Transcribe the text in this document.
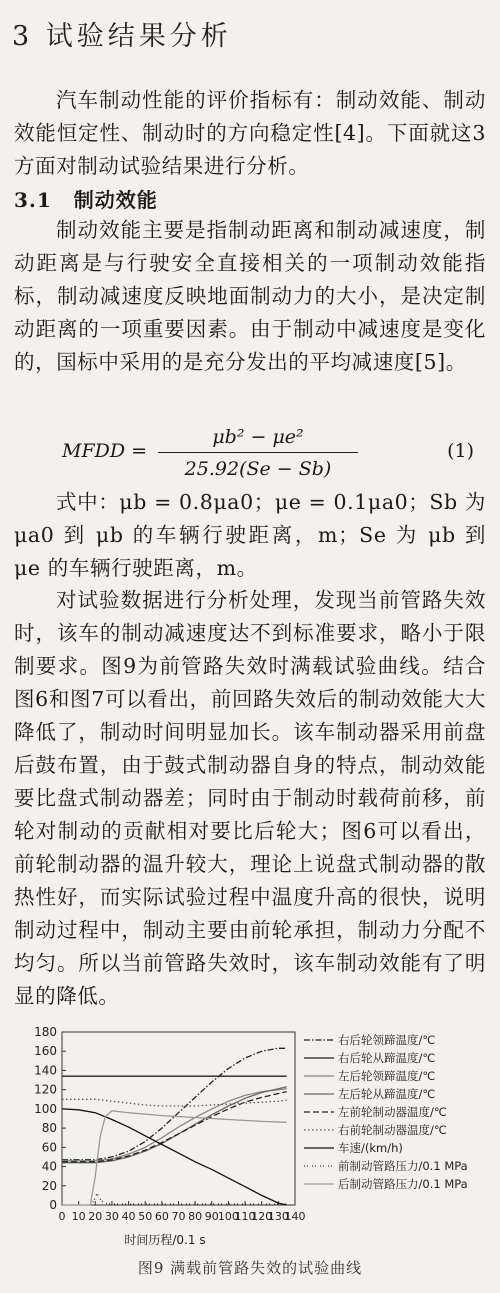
3 试验结果分析

汽车制动性能的评价指标有：制动效能、制动效能恒定性、制动时的方向稳定性[4]。下面就这3方面对制动试验结果进行分析。

3.1 制动效能

制动效能主要是指制动距离和制动减速度，制动距离是与行驶安全直接相关的一项制动效能指标，制动减速度反映地面制动力的大小，是决定制动距离的一项重要因素。由于制动中减速度是变化的，国标中采用的是充分发出的平均减速度[5]。

MFDD =
μb² − μe²
25.92(Se − Sb)
(1)

式中：μb = 0.8μa0；μe = 0.1μa0；Sb 为 μa0 到 μb 的车辆行驶距离，m；Se 为 μb 到 μe 的车辆行驶距离，m。

对试验数据进行分析处理，发现当前管路失效时，该车的制动减速度达不到标准要求，略小于限制要求。图9为前管路失效时满载试验曲线。结合图6和图7可以看出，前回路失效后的制动效能大大降低了，制动时间明显加长。该车制动器采用前盘后鼓布置，由于鼓式制动器自身的特点，制动效能要比盘式制动器差；同时由于制动时载荷前移，前轮对制动的贡献相对要比后轮大；图6可以看出，前轮制动器的温升较大，理论上说盘式制动器的散热性好，而实际试验过程中温度升高的很快，说明制动过程中，制动主要由前轮承担，制动力分配不均匀。所以当前管路失效时，该车制动效能有了明显的降低。

0
20
40
60
80
100
120
140
160
180
0 10 20 30 40 50 60 70 80 90 100
110
120
130
140
右后轮领蹄温度/℃
右后轮从蹄温度/℃
左后轮领蹄温度/℃
左后轮从蹄温度/℃
左前轮制动器温度/℃
右前轮制动器温度/℃
车速/(km/h)
前制动管路压力/0.1 MPa
后制动管路压力/0.1 MPa
时间历程/0.1 s
图9 满载前管路失效的试验曲线
